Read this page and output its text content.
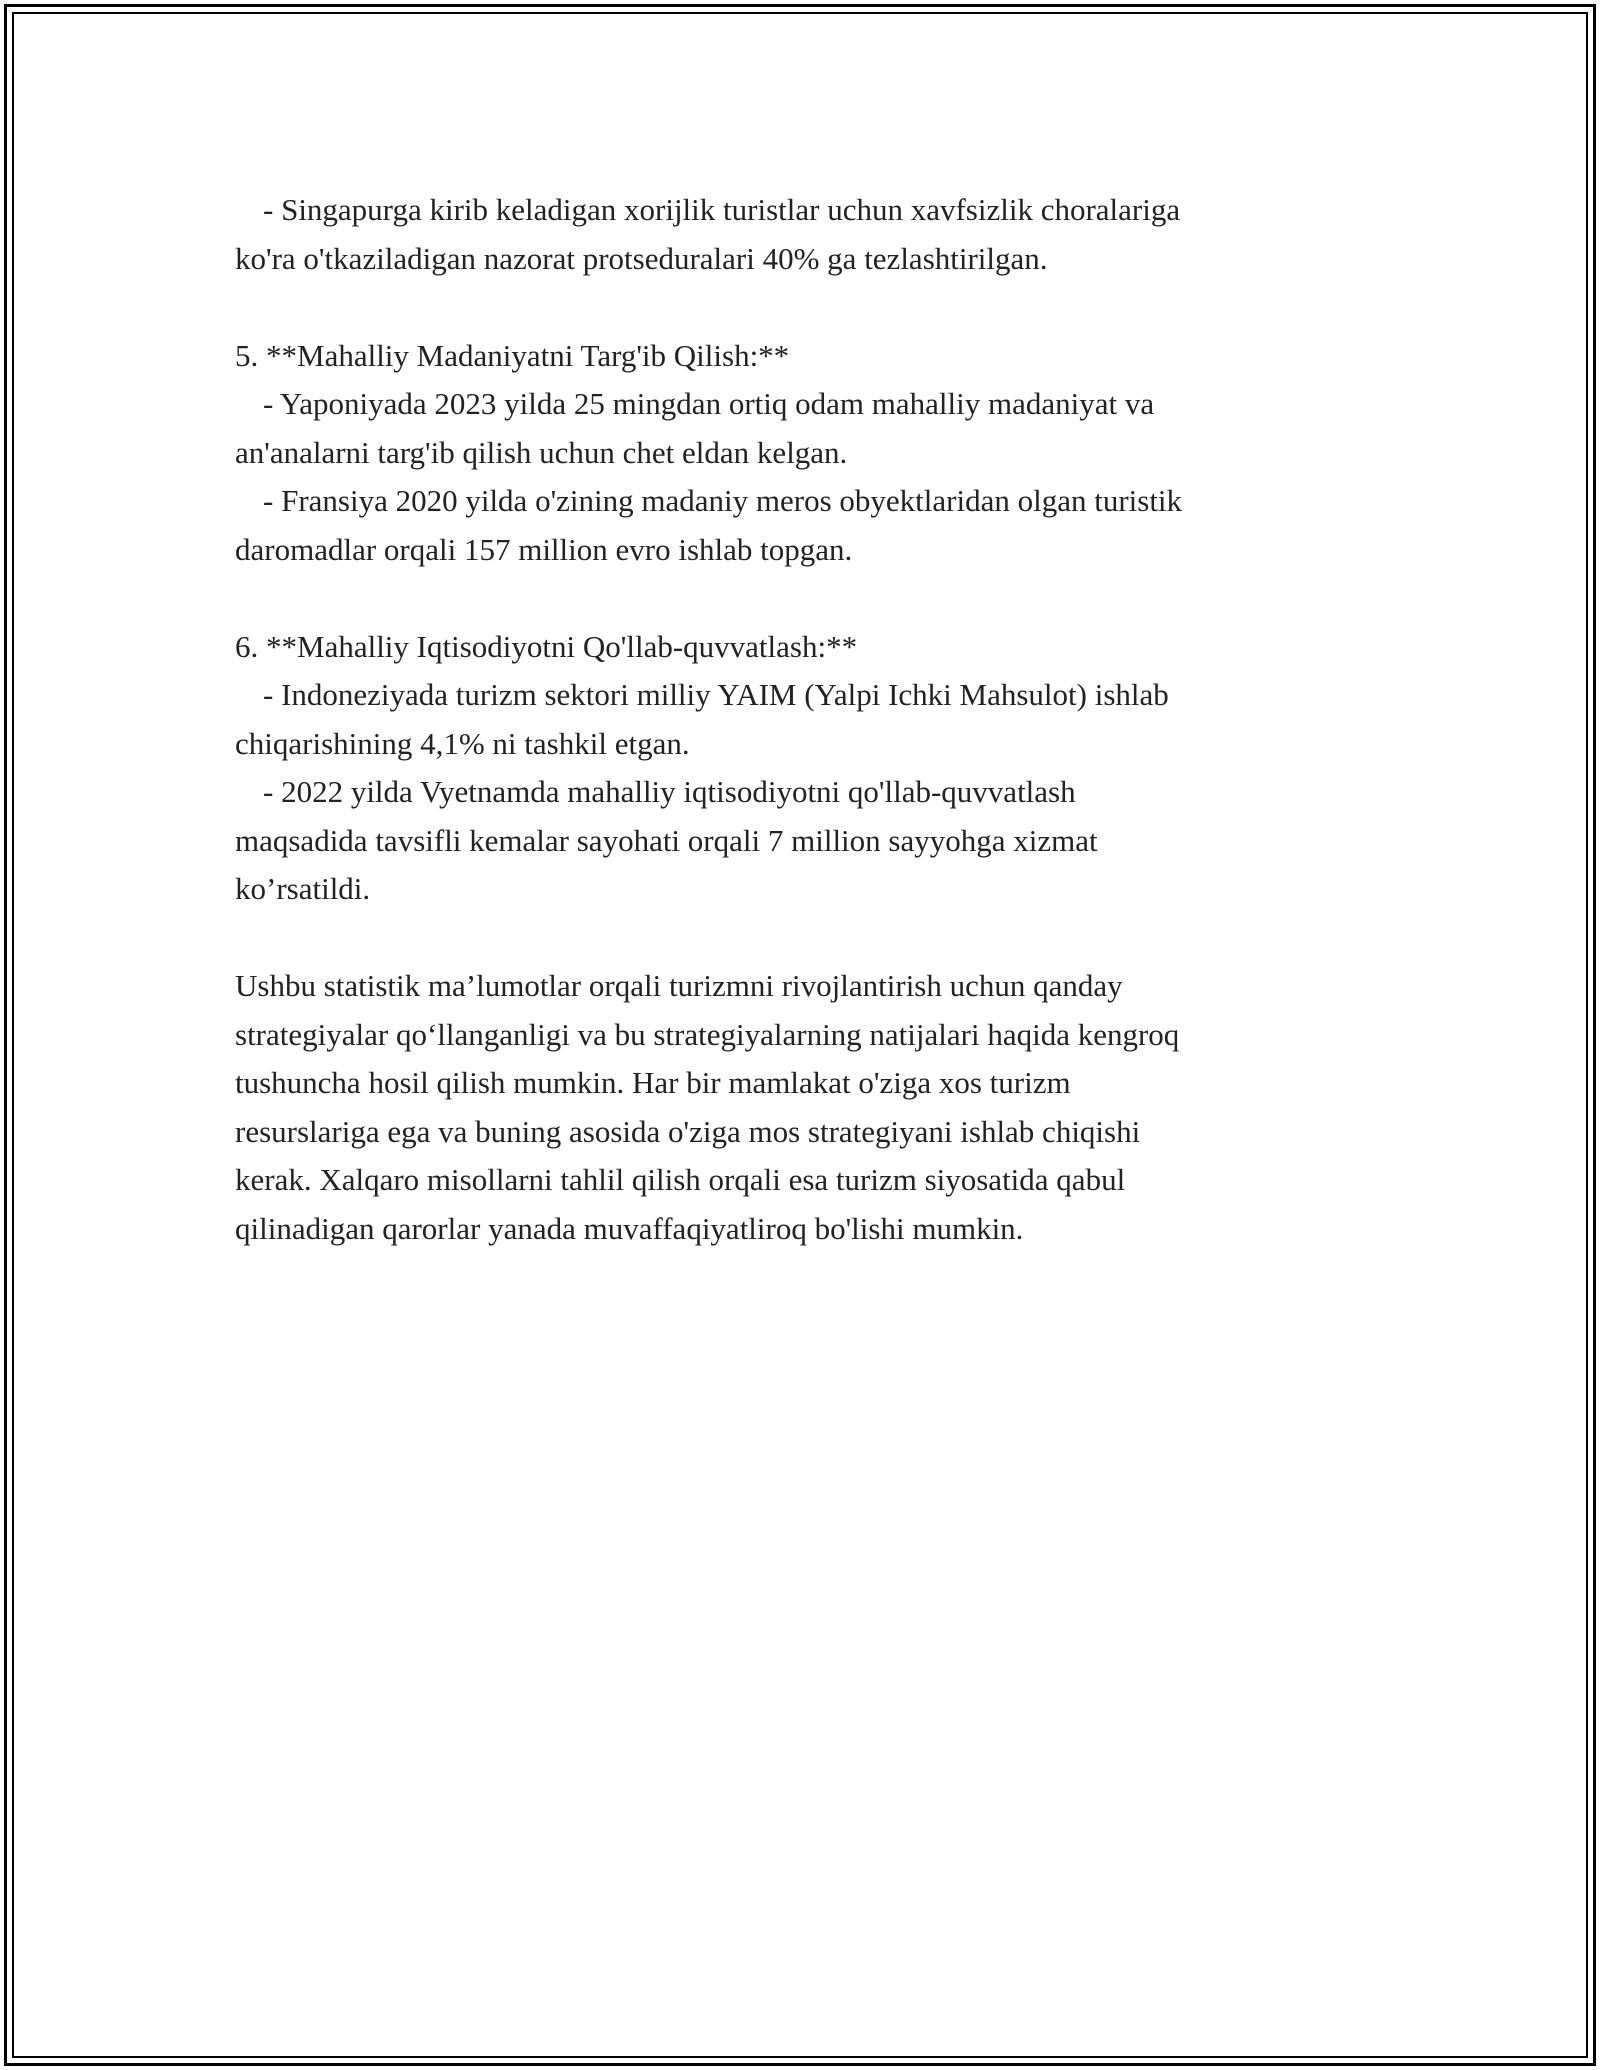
- Singapurga kirib keladigan xorijlik turistlar uchun xavfsizlik choralariga
ko'ra o'tkaziladigan nazorat protseduralari 40% ga tezlashtirilgan.
5. **Mahalliy Madaniyatni Targ'ib Qilish:**
- Yaponiyada 2023 yilda 25 mingdan ortiq odam mahalliy madaniyat va
an'analarni targ'ib qilish uchun chet eldan kelgan.
- Fransiya 2020 yilda o'zining madaniy meros obyektlaridan olgan turistik
daromadlar orqali 157 million evro ishlab topgan.
6. **Mahalliy Iqtisodiyotni Qo'llab-quvvatlash:**
- Indoneziyada turizm sektori milliy YAIM (Yalpi Ichki Mahsulot) ishlab
chiqarishining 4,1% ni tashkil etgan.
- 2022 yilda Vyetnamda mahalliy iqtisodiyotni qo'llab-quvvatlash
maqsadida tavsifli kemalar sayohati orqali 7 million sayyohga xizmat
ko’rsatildi.
Ushbu statistik ma’lumotlar orqali turizmni rivojlantirish uchun qanday
strategiyalar qo‘llanganligi va bu strategiyalarning natijalari haqida kengroq
tushuncha hosil qilish mumkin. Har bir mamlakat o'ziga xos turizm
resurslariga ega va buning asosida o'ziga mos strategiyani ishlab chiqishi
kerak. Xalqaro misollarni tahlil qilish orqali esa turizm siyosatida qabul
qilinadigan qarorlar yanada muvaffaqiyatliroq bo'lishi mumkin.
